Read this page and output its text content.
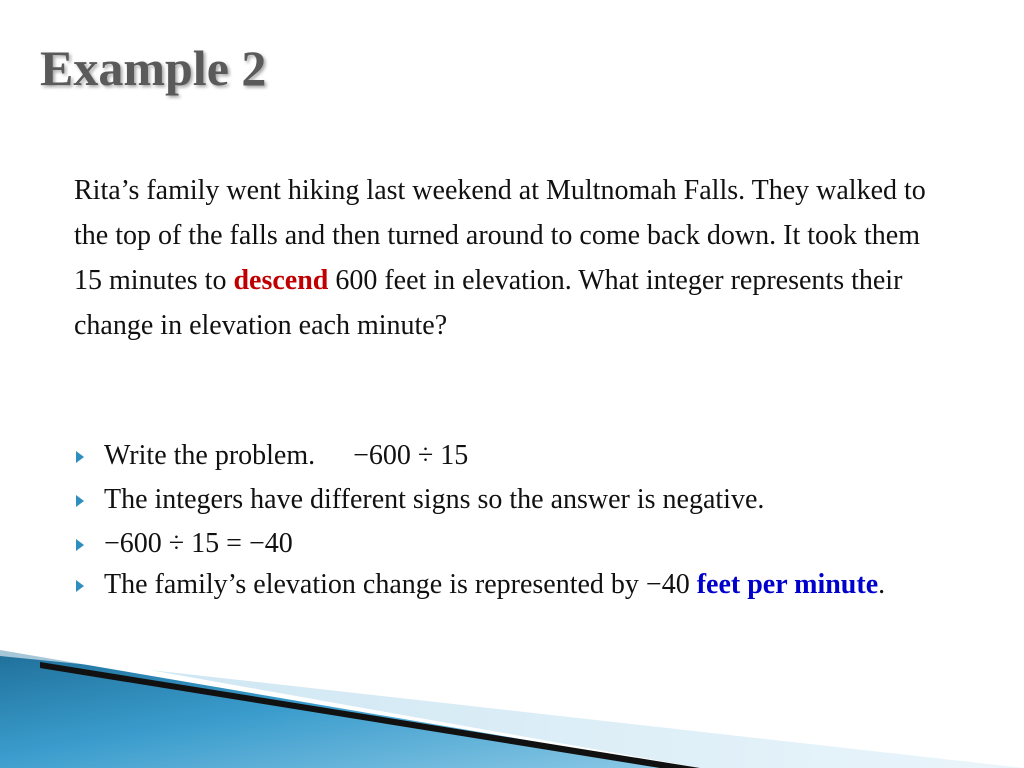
Example 2

Rita’s family went hiking last weekend at Multnomah Falls. They walked to the top of the falls and then turned around to come back down. It took them 15 minutes to descend 600 feet in elevation. What integer represents their change in elevation each minute?

Write the problem. −600 ÷ 15
The integers have different signs so the answer is negative.
−600 ÷ 15 = −40
The family’s elevation change is represented by −40 feet per minute.
